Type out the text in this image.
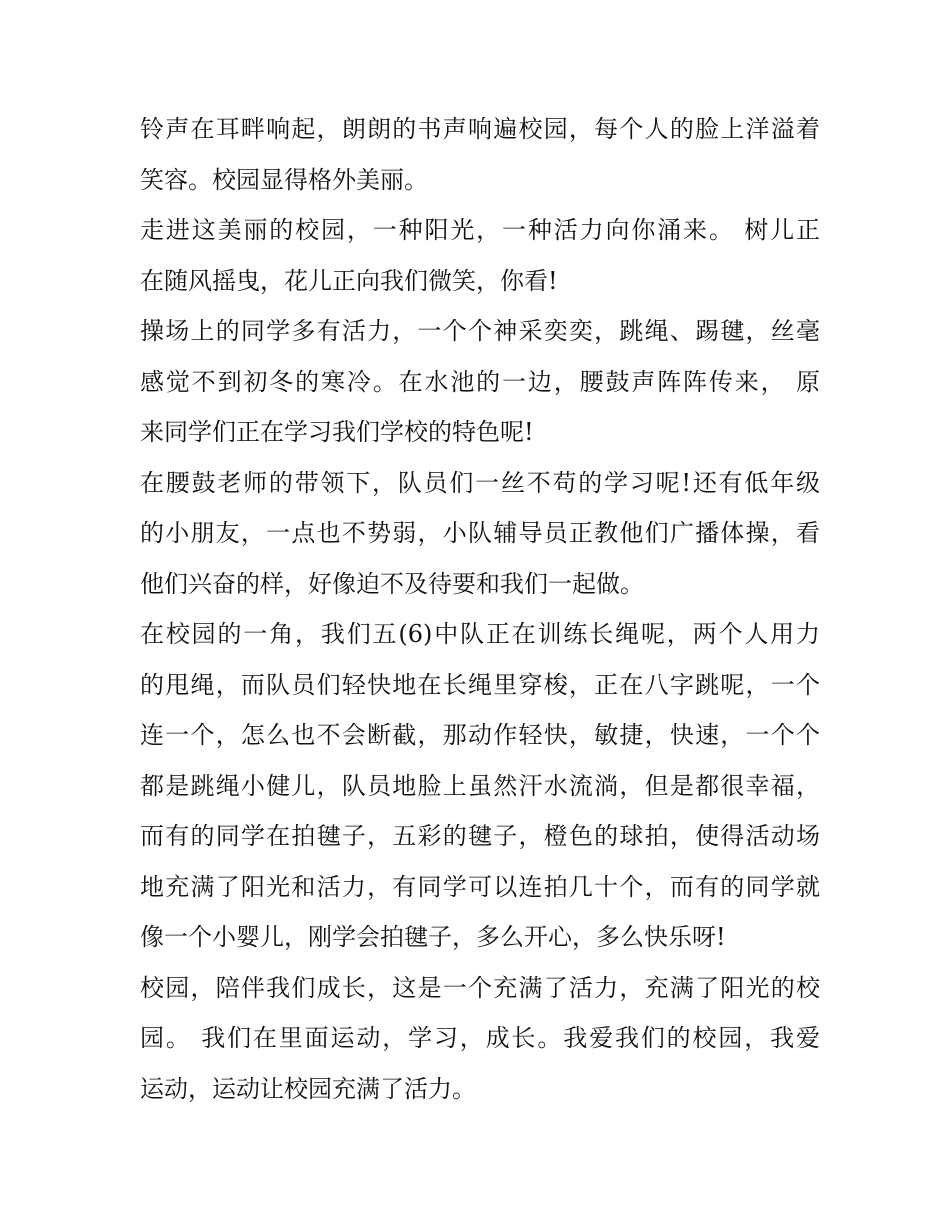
铃声在耳畔响起，朗朗的书声响遍校园，每个人的脸上洋溢着
笑容。校园显得格外美丽。
走进这美丽的校园，一种阳光，一种活力向你涌来。 树儿正
在随风摇曳，花儿正向我们微笑，你看!
操场上的同学多有活力，一个个神采奕奕，跳绳、踢毽，丝毫
感觉不到初冬的寒冷。在水池的一边，腰鼓声阵阵传来， 原
来同学们正在学习我们学校的特色呢!
在腰鼓老师的带领下，队员们一丝不苟的学习呢!还有低年级
的小朋友，一点也不势弱，小队辅导员正教他们广播体操，看
他们兴奋的样，好像迫不及待要和我们一起做。
在校园的一角，我们五(6)中队正在训练长绳呢，两个人用力
的甩绳，而队员们轻快地在长绳里穿梭，正在八字跳呢，一个
连一个，怎么也不会断截，那动作轻快，敏捷，快速，一个个
都是跳绳小健儿，队员地脸上虽然汗水流淌，但是都很幸福，
而有的同学在拍毽子，五彩的毽子，橙色的球拍，使得活动场
地充满了阳光和活力，有同学可以连拍几十个，而有的同学就
像一个小婴儿，刚学会拍毽子，多么开心，多么快乐呀!
校园，陪伴我们成长，这是一个充满了活力，充满了阳光的校
园。 我们在里面运动，学习，成长。我爱我们的校园，我爱
运动，运动让校园充满了活力。
